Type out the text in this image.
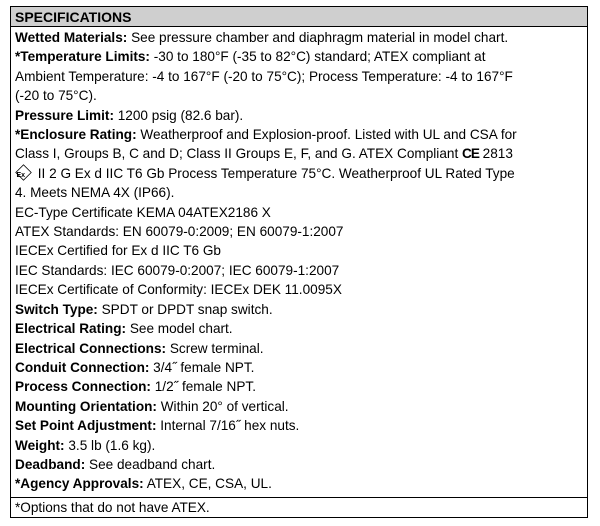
SPECIFICATIONS
Wetted Materials: See pressure chamber and diaphragm material in model chart.
*Temperature Limits: -30 to 180°F (-35 to 82°C) standard; ATEX compliant at
Ambient Temperature: -4 to 167°F (-20 to 75°C); Process Temperature: -4 to 167°F
(-20 to 75°C).
Pressure Limit: 1200 psig (82.6 bar).
*Enclosure Rating: Weatherproof and Explosion-proof. Listed with UL and CSA for
Class I, Groups B, C and D; Class II Groups E, F, and G. ATEX Compliant CE 2813
Ex II 2 G Ex d IIC T6 Gb Process Temperature 75°C. Weatherproof UL Rated Type
4. Meets NEMA 4X (IP66).
EC-Type Certificate KEMA 04ATEX2186 X
ATEX Standards: EN 60079-0:2009; EN 60079-1:2007
IECEx Certified for Ex d IIC T6 Gb
IEC Standards: IEC 60079-0:2007; IEC 60079-1:2007
IECEx Certificate of Conformity: IECEx DEK 11.0095X
Switch Type: SPDT or DPDT snap switch.
Electrical Rating: See model chart.
Electrical Connections: Screw terminal.
Conduit Connection: 3/4˝ female NPT.
Process Connection: 1/2˝ female NPT.
Mounting Orientation: Within 20° of vertical.
Set Point Adjustment: Internal 7/16˝ hex nuts.
Weight: 3.5 lb (1.6 kg).
Deadband: See deadband chart.
*Agency Approvals: ATEX, CE, CSA, UL.
*Options that do not have ATEX.
